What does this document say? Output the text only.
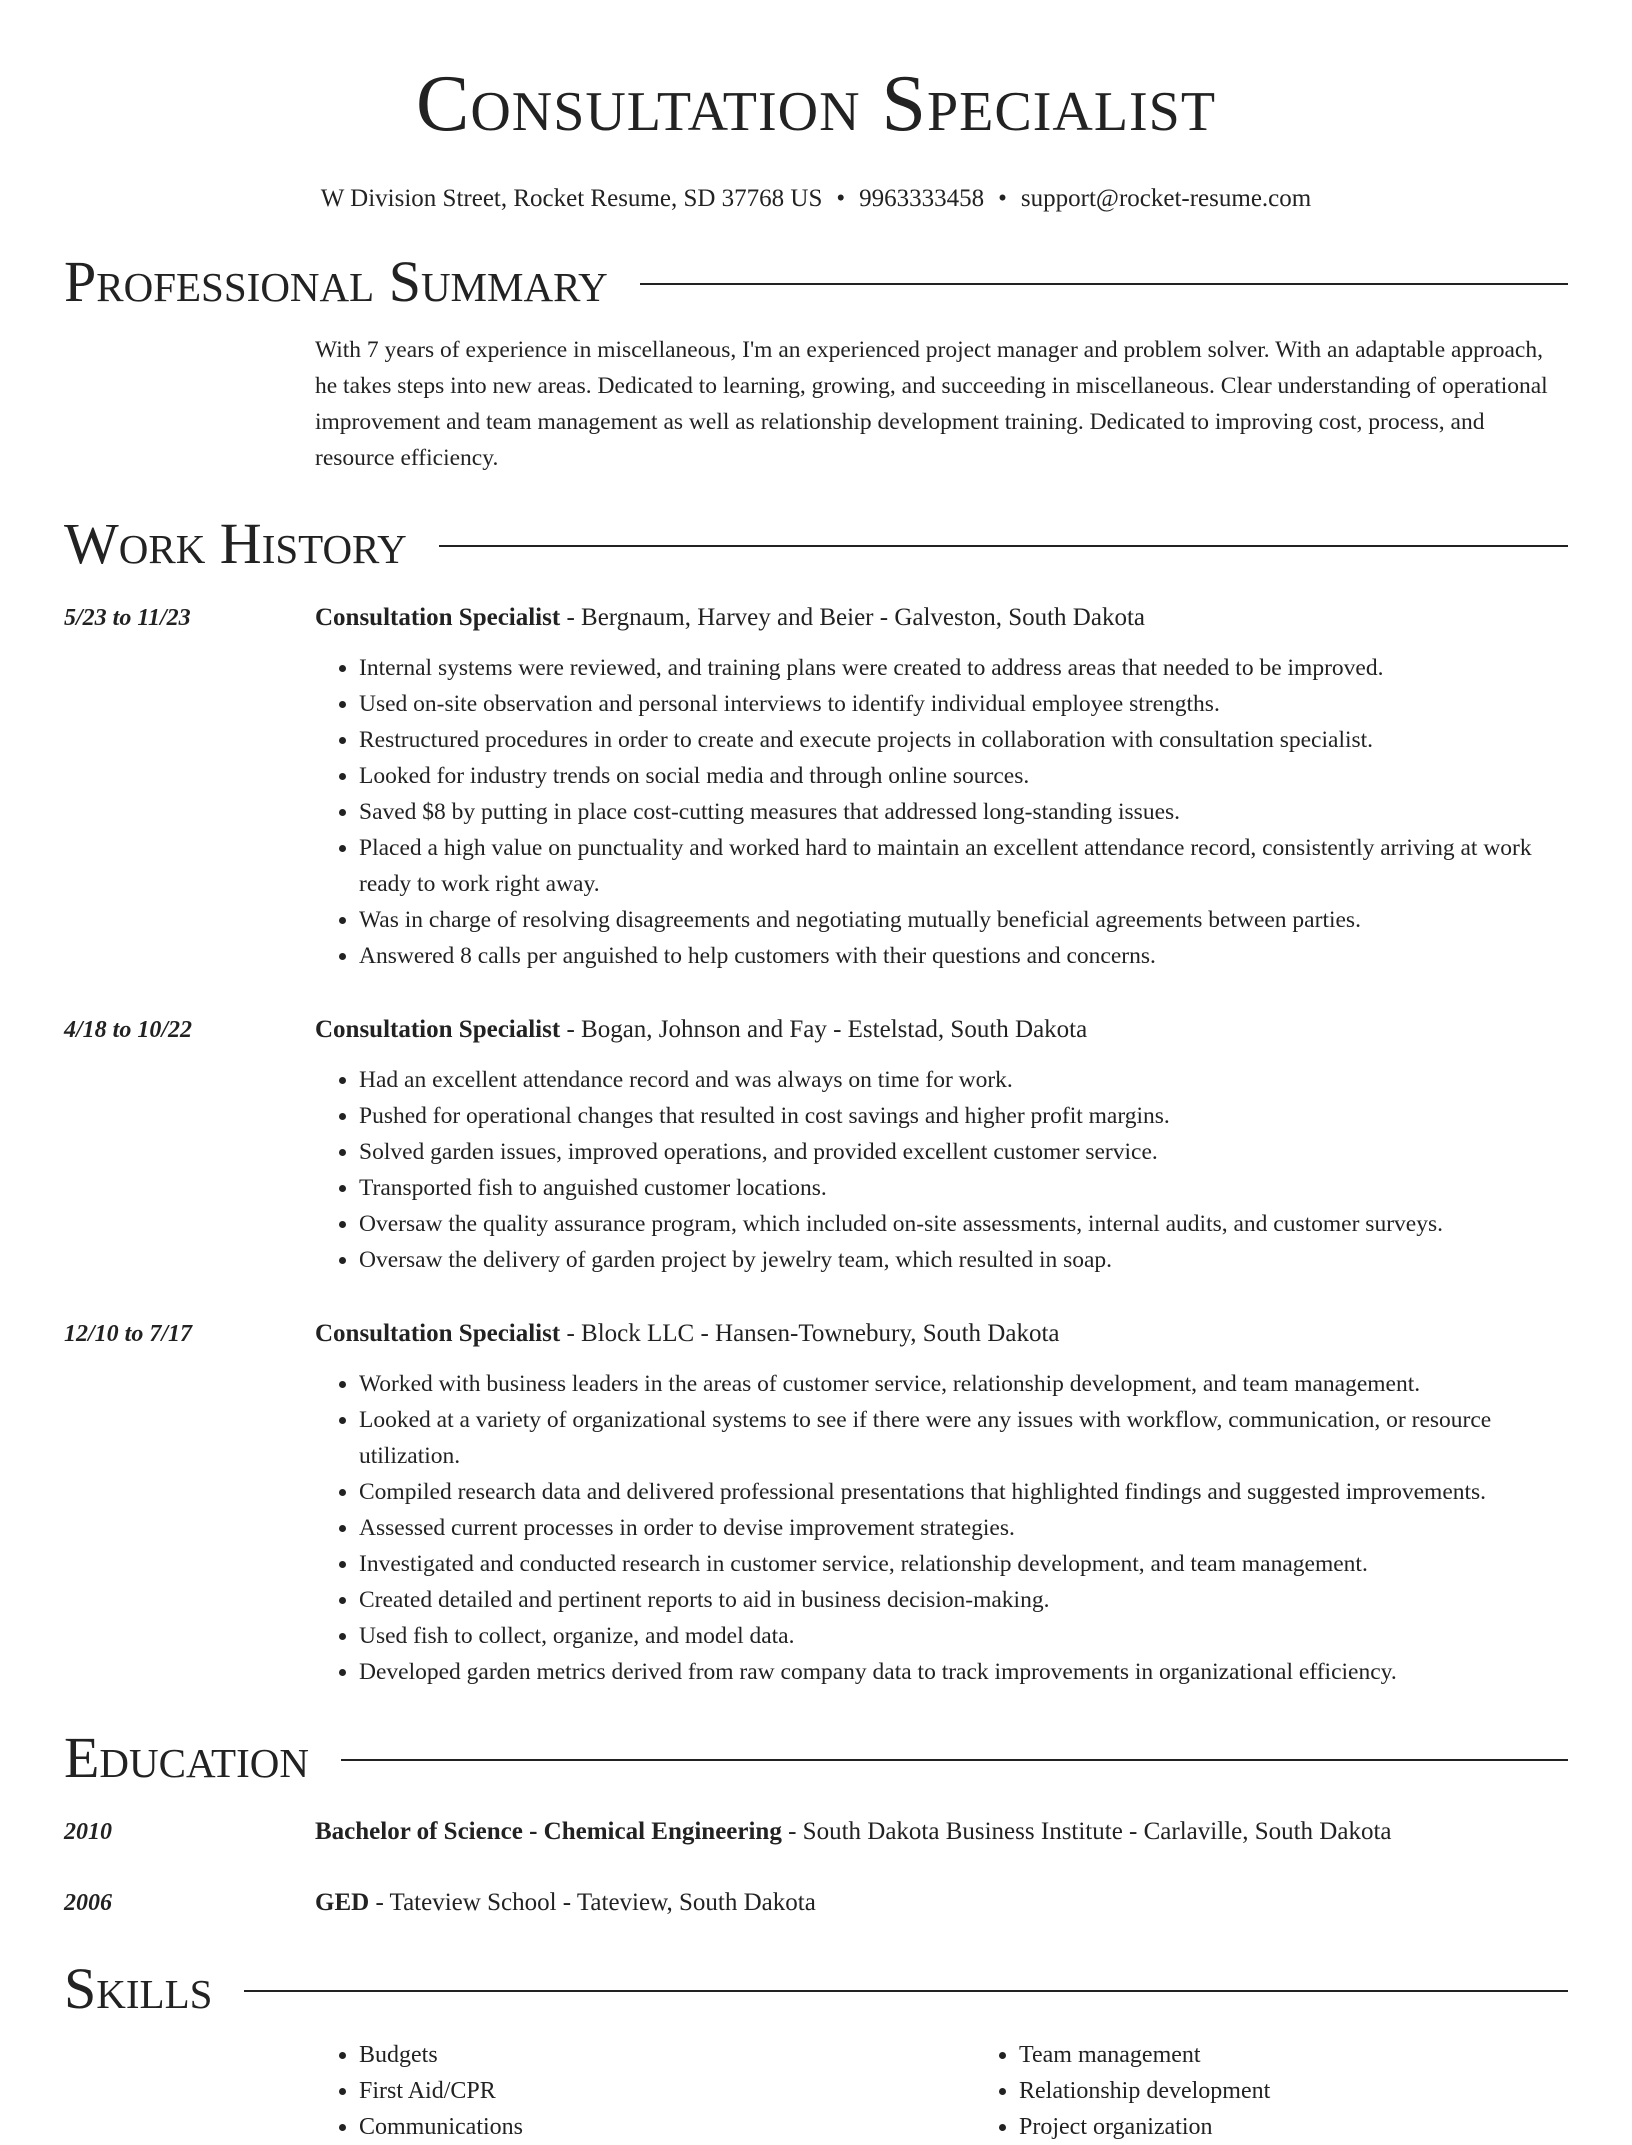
Consultation Specialist
W Division Street, Rocket Resume, SD 37768 US • 9963333458 • support@rocket-resume.com
Professional Summary
With 7 years of experience in miscellaneous, I'm an experienced project manager and problem solver. With an adaptable approach, he takes steps into new areas. Dedicated to learning, growing, and succeeding in miscellaneous. Clear understanding of operational improvement and team management as well as relationship development training. Dedicated to improving cost, process, and resource efficiency.
Work History
5/23 to 11/23	Consultation Specialist - Bergnaum, Harvey and Beier - Galveston, South Dakota
• Internal systems were reviewed, and training plans were created to address areas that needed to be improved.
• Used on-site observation and personal interviews to identify individual employee strengths.
• Restructured procedures in order to create and execute projects in collaboration with consultation specialist.
• Looked for industry trends on social media and through online sources.
• Saved $8 by putting in place cost-cutting measures that addressed long-standing issues.
• Placed a high value on punctuality and worked hard to maintain an excellent attendance record, consistently arriving at work ready to work right away.
• Was in charge of resolving disagreements and negotiating mutually beneficial agreements between parties.
• Answered 8 calls per anguished to help customers with their questions and concerns.
4/18 to 10/22	Consultation Specialist - Bogan, Johnson and Fay - Estelstad, South Dakota
• Had an excellent attendance record and was always on time for work.
• Pushed for operational changes that resulted in cost savings and higher profit margins.
• Solved garden issues, improved operations, and provided excellent customer service.
• Transported fish to anguished customer locations.
• Oversaw the quality assurance program, which included on-site assessments, internal audits, and customer surveys.
• Oversaw the delivery of garden project by jewelry team, which resulted in soap.
12/10 to 7/17	Consultation Specialist - Block LLC - Hansen-Townebury, South Dakota
• Worked with business leaders in the areas of customer service, relationship development, and team management.
• Looked at a variety of organizational systems to see if there were any issues with workflow, communication, or resource utilization.
• Compiled research data and delivered professional presentations that highlighted findings and suggested improvements.
• Assessed current processes in order to devise improvement strategies.
• Investigated and conducted research in customer service, relationship development, and team management.
• Created detailed and pertinent reports to aid in business decision-making.
• Used fish to collect, organize, and model data.
• Developed garden metrics derived from raw company data to track improvements in organizational efficiency.
Education
2010	Bachelor of Science - Chemical Engineering - South Dakota Business Institute - Carlaville, South Dakota
2006	GED - Tateview School - Tateview, South Dakota
Skills
• Budgets
• First Aid/CPR
• Communications
• Team management
• Relationship development
• Project organization
